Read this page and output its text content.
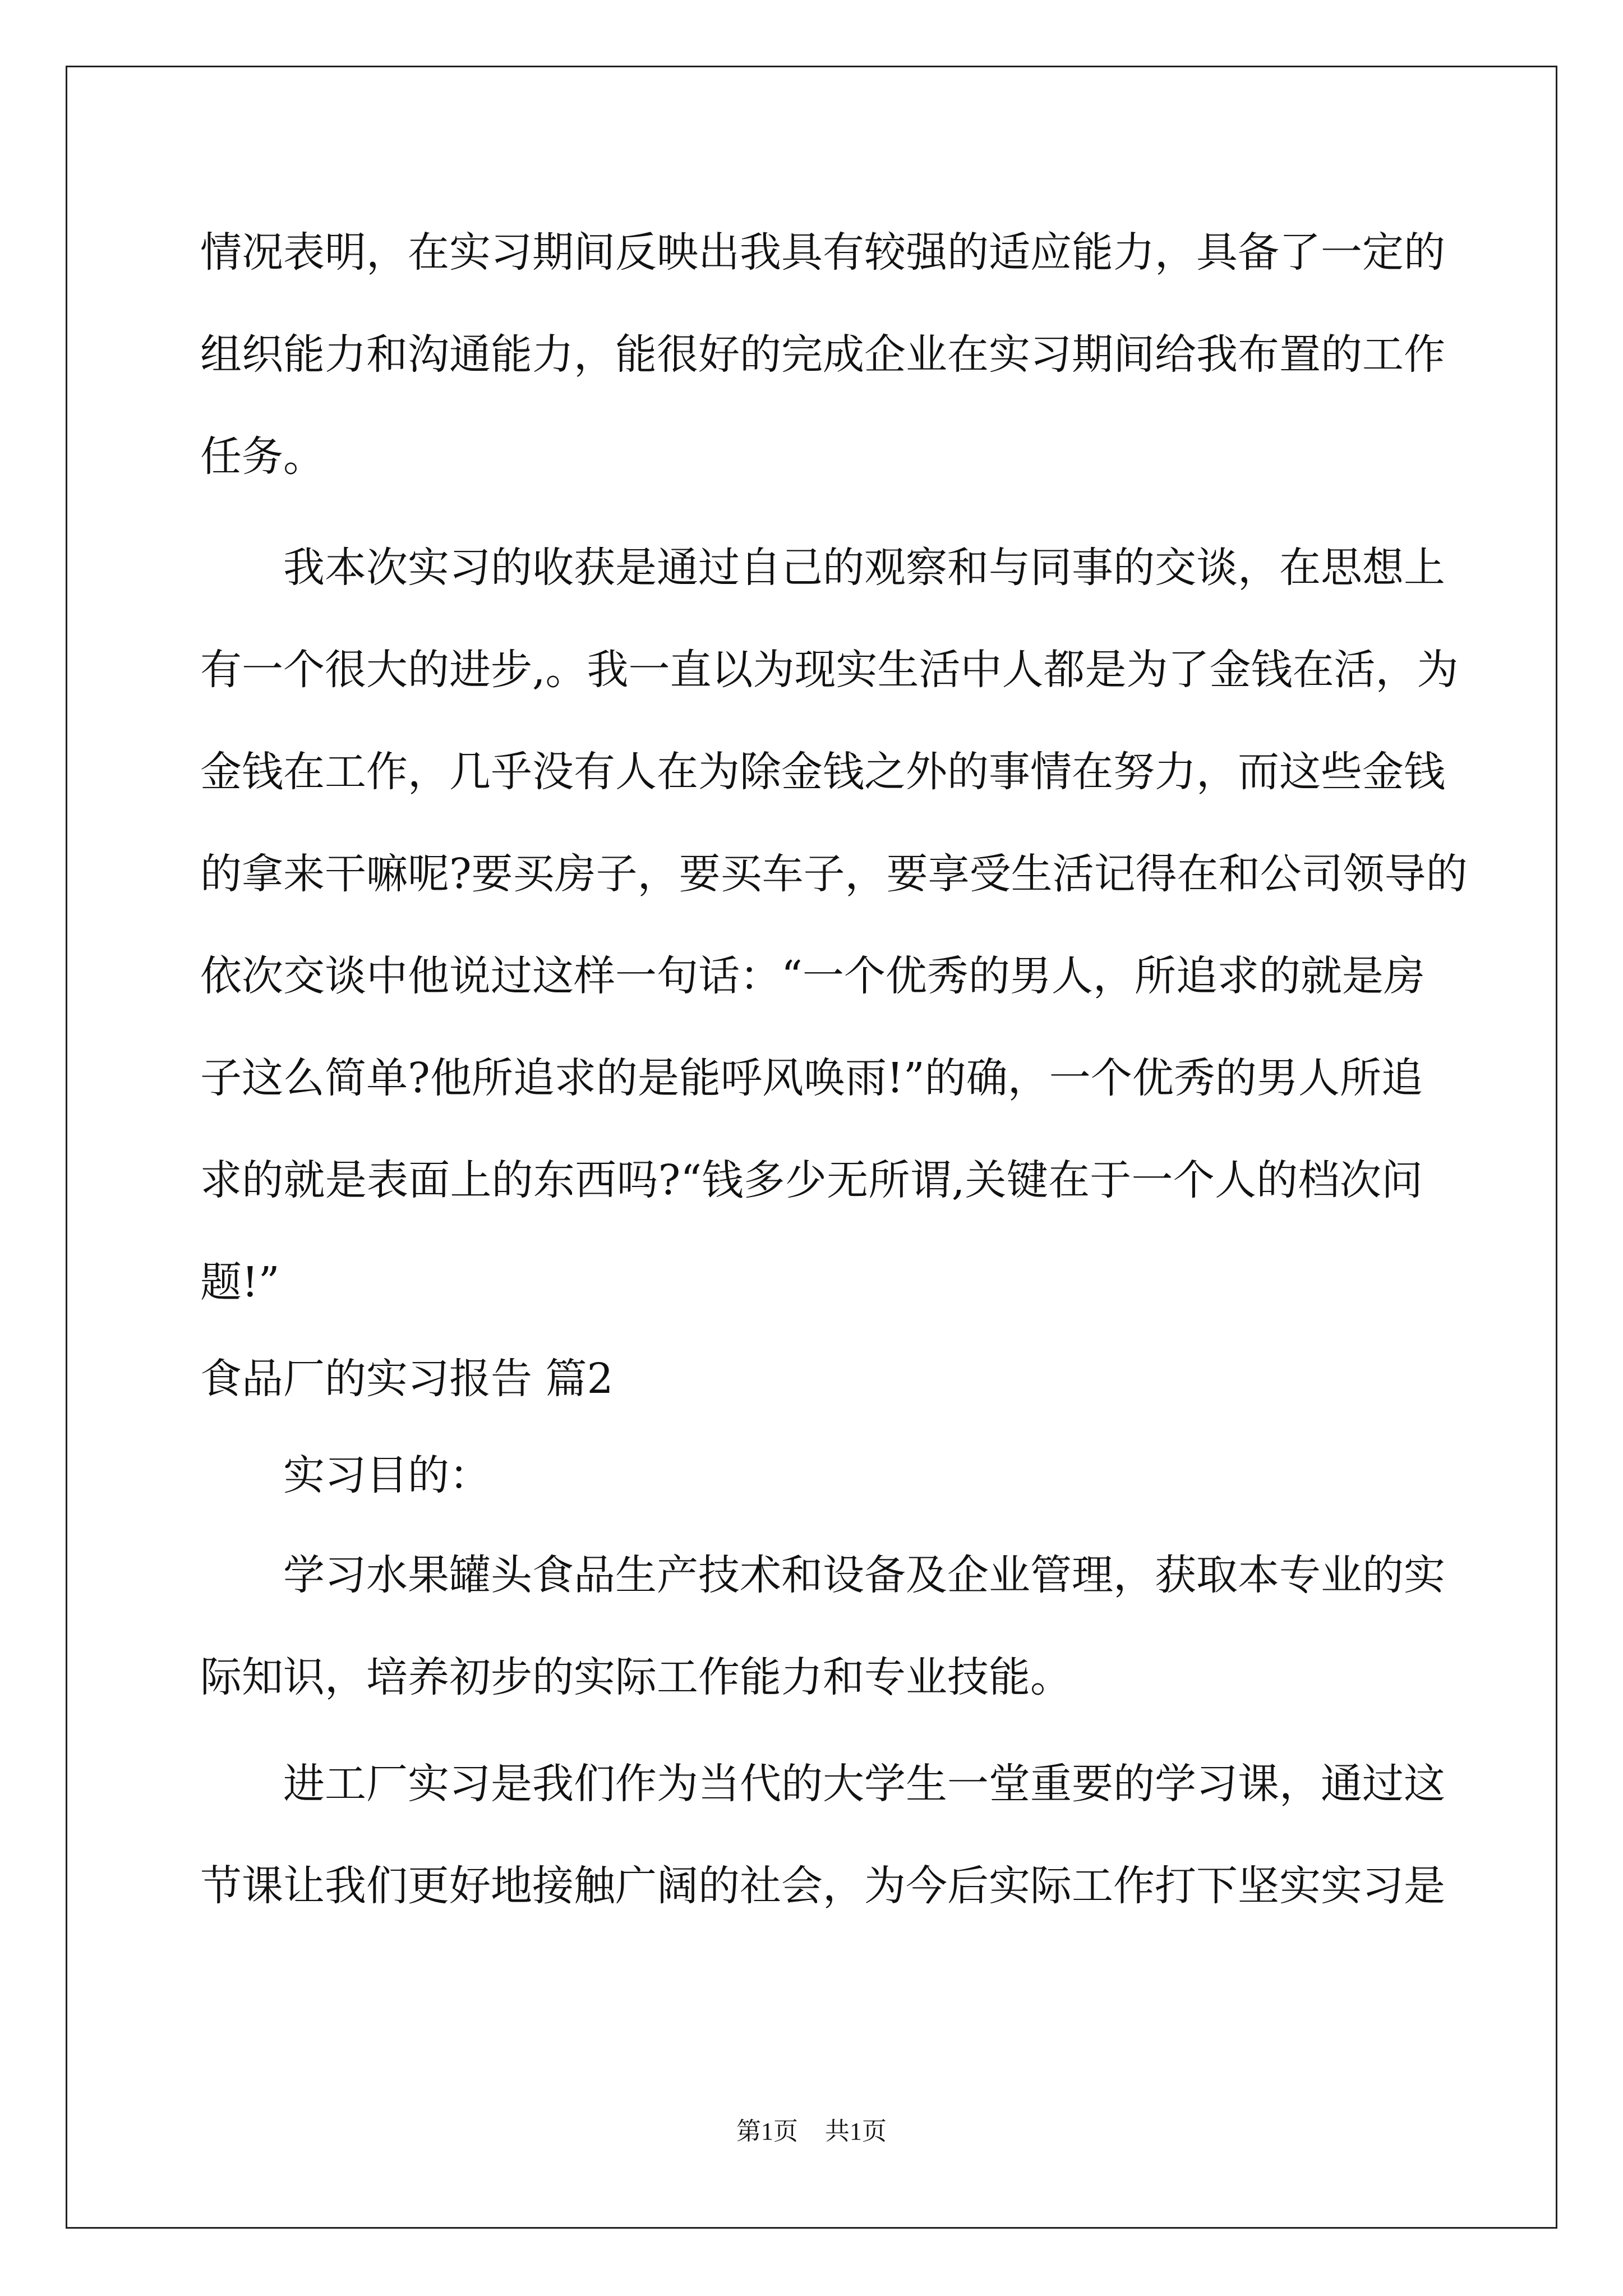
情况表明，在实习期间反映出我具有较强的适应能力，具备了一定的
组织能力和沟通能力，能很好的完成企业在实习期间给我布置的工作
任务。
我本次实习的收获是通过自己的观察和与同事的交谈，在思想上
有一个很大的进步,。我一直以为现实生活中人都是为了金钱在活，为
金钱在工作，几乎没有人在为除金钱之外的事情在努力，而这些金钱
的拿来干嘛呢?要买房子，要买车子，要享受生活记得在和公司领导的
依次交谈中他说过这样一句话：“一个优秀的男人，所追求的就是房
子这么简单?他所追求的是能呼风唤雨!”的确，一个优秀的男人所追
求的就是表面上的东西吗?“钱多少无所谓,关键在于一个人的档次问
题!”
食品厂的实习报告 篇2
实习目的：
学习水果罐头食品生产技术和设备及企业管理，获取本专业的实
际知识，培养初步的实际工作能力和专业技能。
进工厂实习是我们作为当代的大学生一堂重要的学习课，通过这
节课让我们更好地接触广阔的社会，为今后实际工作打下坚实实习是
第1页 共1页
